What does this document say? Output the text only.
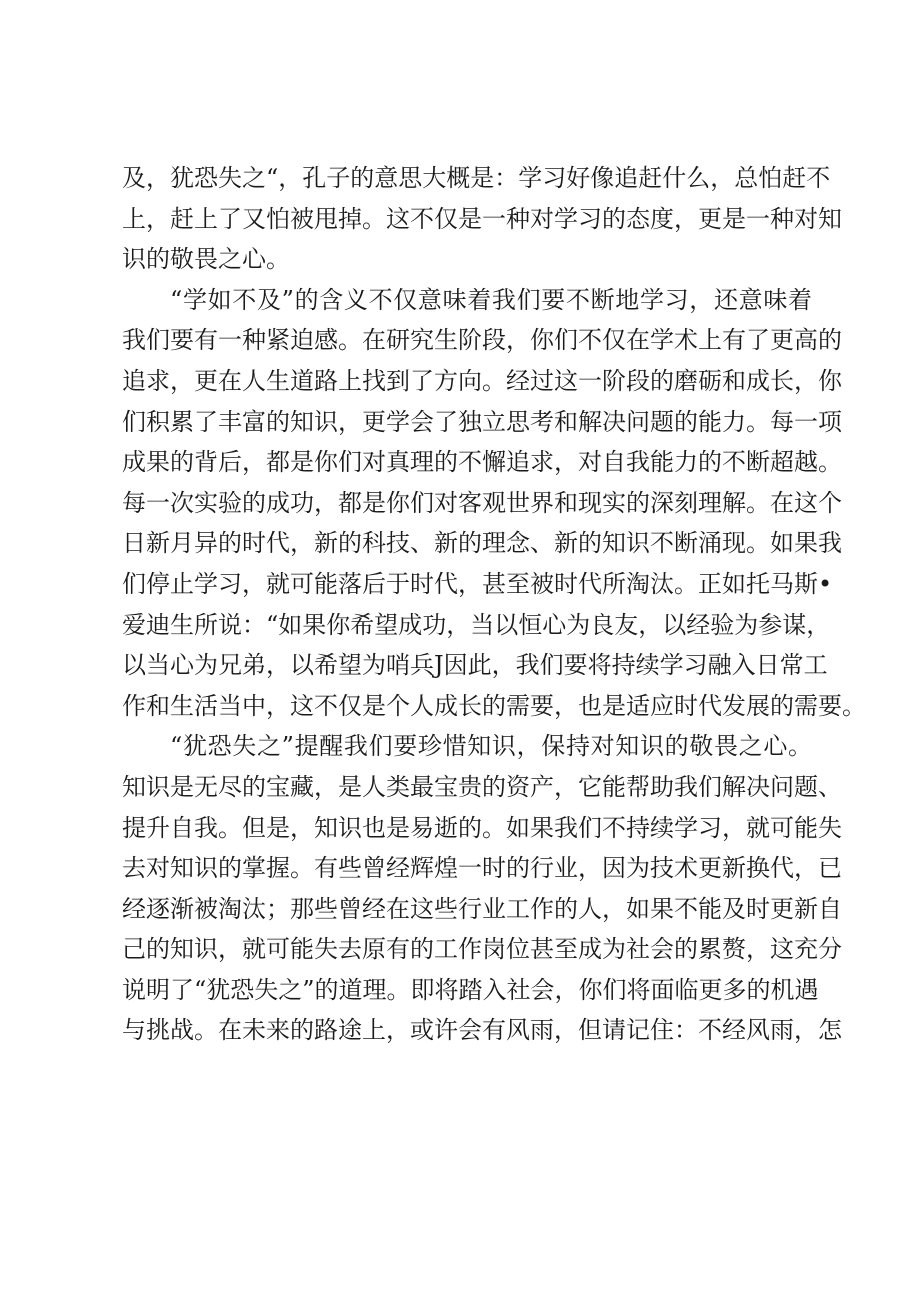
及，犹恐失之“，孔子的意思大概是：学习好像追赶什么，总怕赶不
上，赶上了又怕被甩掉。这不仅是一种对学习的态度，更是一种对知
识的敬畏之心。
“学如不及”的含义不仅意味着我们要不断地学习，还意味着
我们要有一种紧迫感。在研究生阶段，你们不仅在学术上有了更高的
追求，更在人生道路上找到了方向。经过这一阶段的磨砺和成长，你
们积累了丰富的知识，更学会了独立思考和解决问题的能力。每一项
成果的背后，都是你们对真理的不懈追求，对自我能力的不断超越。
每一次实验的成功，都是你们对客观世界和现实的深刻理解。在这个
日新月异的时代，新的科技、新的理念、新的知识不断涌现。如果我
们停止学习，就可能落后于时代，甚至被时代所淘汰。正如托马斯•
爱迪生所说：“如果你希望成功，当以恒心为良友，以经验为参谋，
以当心为兄弟，以希望为哨兵J因此，我们要将持续学习融入日常工
作和生活当中，这不仅是个人成长的需要，也是适应时代发展的需要。
“犹恐失之”提醒我们要珍惜知识，保持对知识的敬畏之心。
知识是无尽的宝藏，是人类最宝贵的资产，它能帮助我们解决问题、
提升自我。但是，知识也是易逝的。如果我们不持续学习，就可能失
去对知识的掌握。有些曾经辉煌一时的行业，因为技术更新换代，已
经逐渐被淘汰；那些曾经在这些行业工作的人，如果不能及时更新自
己的知识，就可能失去原有的工作岗位甚至成为社会的累赘，这充分
说明了“犹恐失之”的道理。即将踏入社会，你们将面临更多的机遇
与挑战。在未来的路途上，或许会有风雨，但请记住：不经风雨，怎
